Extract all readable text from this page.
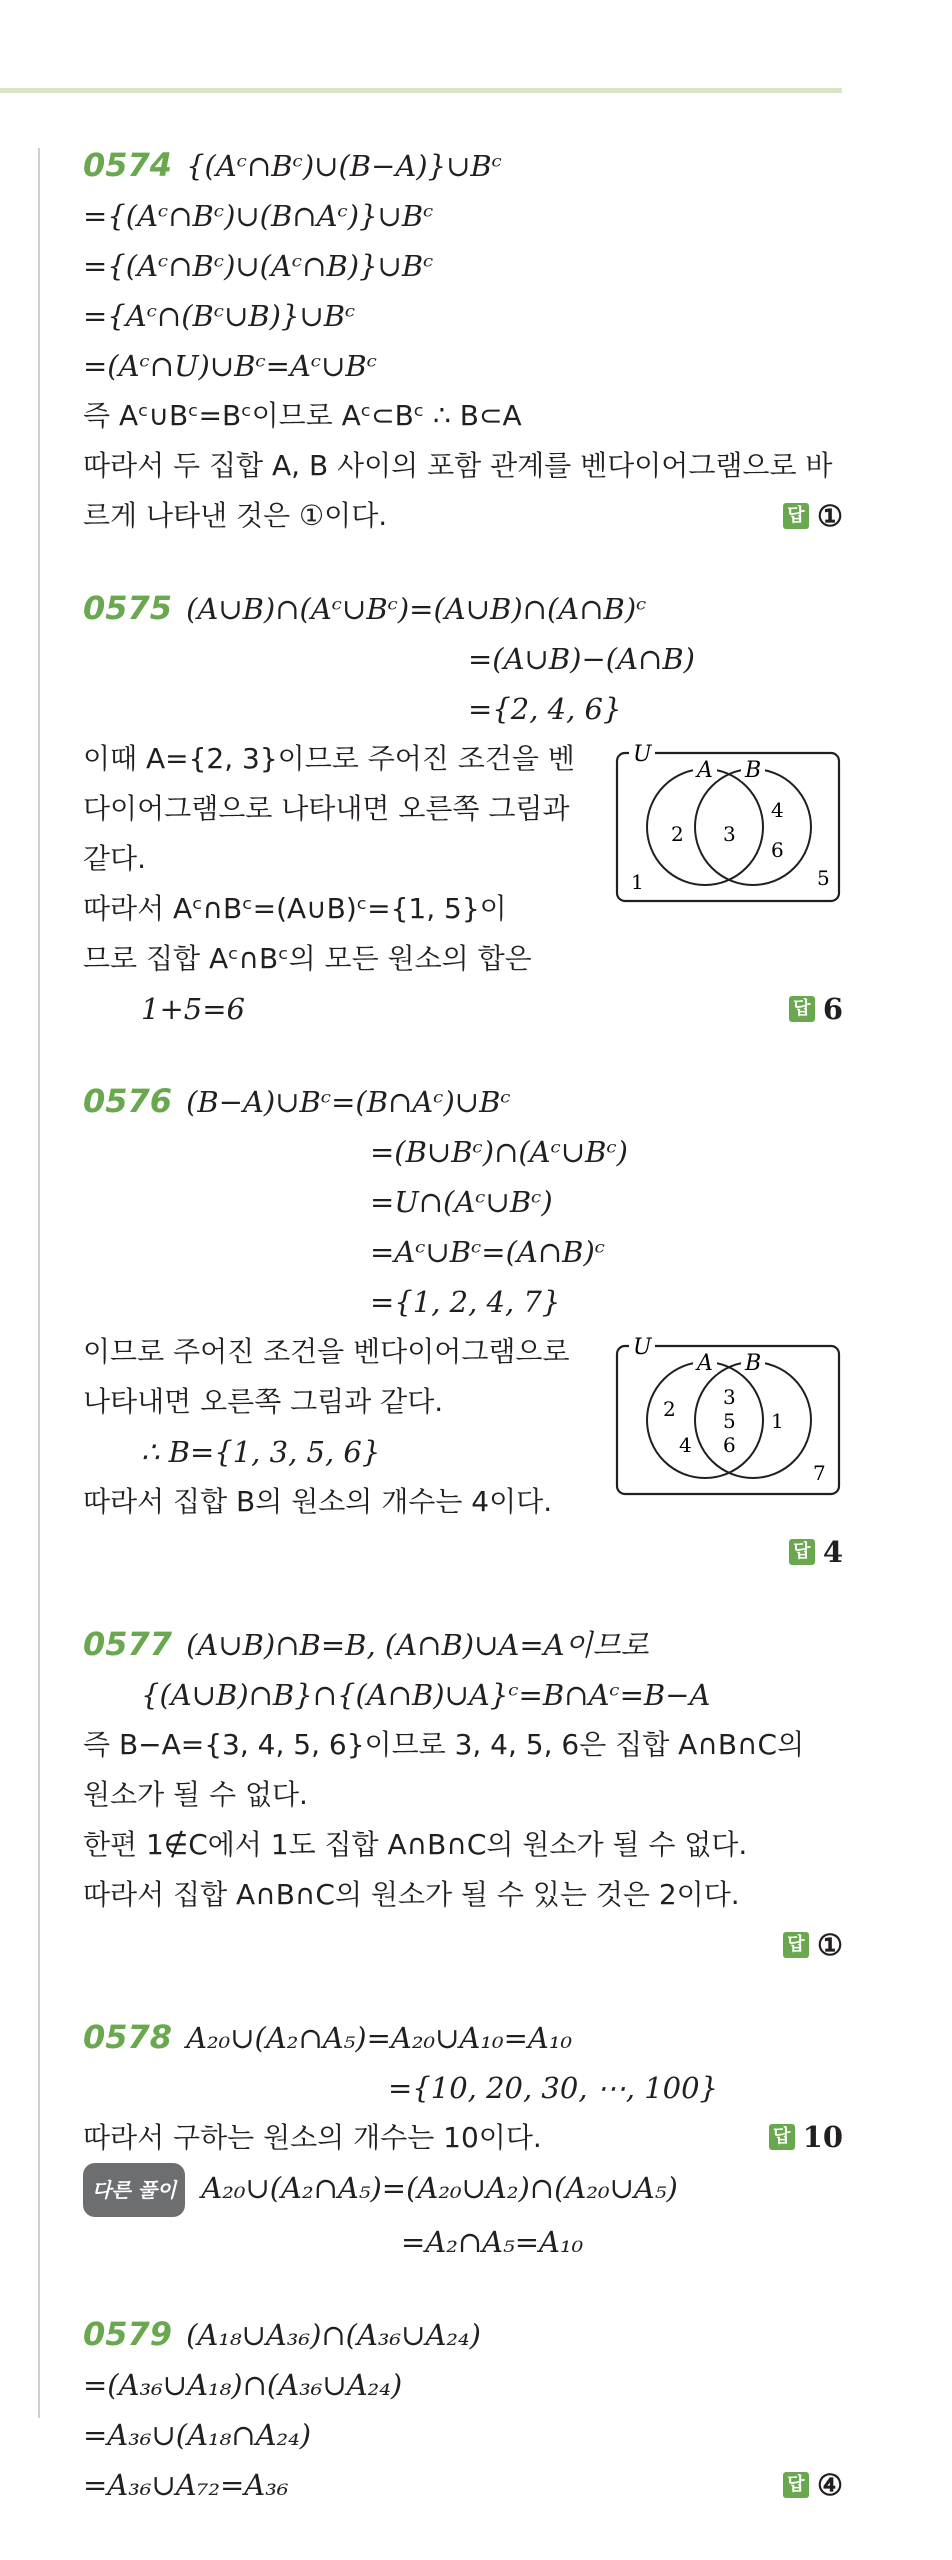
0574 {(Aᶜ∩Bᶜ)∪(B−A)}∪Bᶜ
={(Aᶜ∩Bᶜ)∪(B∩Aᶜ)}∪Bᶜ
={(Aᶜ∩Bᶜ)∪(Aᶜ∩B)}∪Bᶜ
={Aᶜ∩(Bᶜ∪B)}∪Bᶜ
=(Aᶜ∩U)∪Bᶜ=Aᶜ∪Bᶜ
즉 Aᶜ∪Bᶜ=Bᶜ이므로 Aᶜ⊂Bᶜ ∴ B⊂A
따라서 두 집합 A, B 사이의 포함 관계를 벤다이어그램으로 바
르게 나타낸 것은 ①이다.	답 ①
0575 (A∪B)∩(Aᶜ∪Bᶜ)=(A∪B)∩(A∩B)ᶜ
=(A∪B)−(A∩B)
={2, 4, 6}
이때 A={2, 3}이므로 주어진 조건을 벤
다이어그램으로 나타내면 오른쪽 그림과
같다.
따라서 Aᶜ∩Bᶜ=(A∪B)ᶜ={1, 5}이
므로 집합 Aᶜ∩Bᶜ의 모든 원소의 합은
1+5=6
U
A B
2 3
4
6
1	5
답 6
0576 (B−A)∪Bᶜ=(B∩Aᶜ)∪Bᶜ
=(B∪Bᶜ)∩(Aᶜ∪Bᶜ)
=U∩(Aᶜ∪Bᶜ)
=Aᶜ∪Bᶜ=(A∩B)ᶜ
={1, 2, 4, 7}
이므로 주어진 조건을 벤다이어그램으로
나타내면 오른쪽 그림과 같다.
∴ B={1, 3, 5, 6}
따라서 집합 B의 원소의 개수는 4이다.
U
A B
2
4
3
5
6
1
7
답 4
0577 (A∪B)∩B=B, (A∩B)∪A=A이므로
{(A∪B)∩B}∩{(A∩B)∪A}ᶜ=B∩Aᶜ=B−A
즉 B−A={3, 4, 5, 6}이므로 3, 4, 5, 6은 집합 A∩B∩C의
원소가 될 수 없다.
한편 1∉C에서 1도 집합 A∩B∩C의 원소가 될 수 없다.
따라서 집합 A∩B∩C의 원소가 될 수 있는 것은 2이다.
답 ①
0578 A₂₀∪(A₂∩A₅)=A₂₀∪A₁₀=A₁₀
={10, 20, 30, ⋯, 100}
따라서 구하는 원소의 개수는 10이다.
다른 풀이 A₂₀∪(A₂∩A₅)=(A₂₀∪A₂)∩(A₂₀∪A₅)
=A₂∩A₅=A₁₀
답 10
0579 (A₁₈∪A₃₆)∩(A₃₆∪A₂₄)
=(A₃₆∪A₁₈)∩(A₃₆∪A₂₄)
=A₃₆∪(A₁₈∩A₂₄)
=A₃₆∪A₇₂=A₃₆	답 ④
